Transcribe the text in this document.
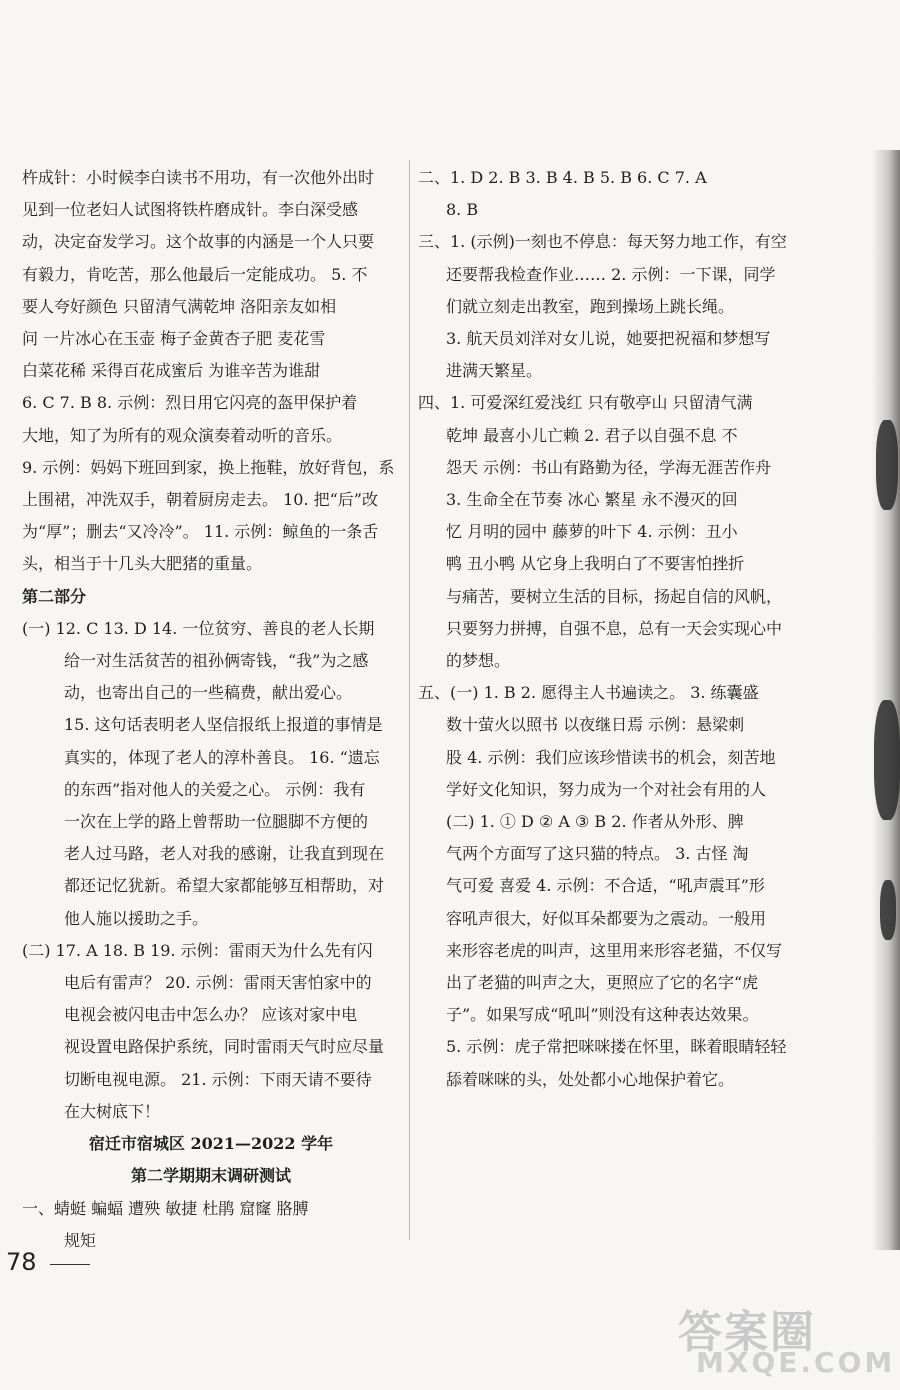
杵成针：小时候李白读书不用功，有一次他外出时
见到一位老妇人试图将铁杵磨成针。李白深受感
动，决定奋发学习。这个故事的内涵是一个人只要
有毅力，肯吃苦，那么他最后一定能成功。 5. 不
要人夸好颜色 只留清气满乾坤 洛阳亲友如相
问 一片冰心在玉壶 梅子金黄杏子肥 麦花雪
白菜花稀 采得百花成蜜后 为谁辛苦为谁甜
6. C 7. B 8. 示例：烈日用它闪亮的盔甲保护着
大地，知了为所有的观众演奏着动听的音乐。
9. 示例：妈妈下班回到家，换上拖鞋，放好背包，系
上围裙，冲洗双手，朝着厨房走去。 10. 把“后”改
为“厚”；删去“又冷冷”。 11. 示例：鲸鱼的一条舌
头，相当于十几头大肥猪的重量。
第二部分
(一) 12. C 13. D 14. 一位贫穷、善良的老人长期
给一对生活贫苦的祖孙俩寄钱，“我”为之感
动，也寄出自己的一些稿费，献出爱心。
15. 这句话表明老人坚信报纸上报道的事情是
真实的，体现了老人的淳朴善良。 16. “遗忘
的东西”指对他人的关爱之心。 示例：我有
一次在上学的路上曾帮助一位腿脚不方便的
老人过马路，老人对我的感谢，让我直到现在
都还记忆犹新。希望大家都能够互相帮助，对
他人施以援助之手。
(二) 17. A 18. B 19. 示例：雷雨天为什么先有闪
电后有雷声？ 20. 示例：雷雨天害怕家中的
电视会被闪电击中怎么办？ 应该对家中电
视设置电路保护系统，同时雷雨天气时应尽量
切断电视电源。 21. 示例：下雨天请不要待
在大树底下！
宿迁市宿城区 2021—2022 学年
第二学期期末调研测试
一、蜻蜓 蝙蝠 遭殃 敏捷 杜鹃 窟窿 胳膊
规矩
二、1. D 2. B 3. B 4. B 5. B 6. C 7. A
8. B
三、1. (示例)一刻也不停息：每天努力地工作，有空
还要帮我检查作业…… 2. 示例：一下课，同学
们就立刻走出教室，跑到操场上跳长绳。
3. 航天员刘洋对女儿说，她要把祝福和梦想写
进满天繁星。
四、1. 可爱深红爱浅红 只有敬亭山 只留清气满
乾坤 最喜小儿亡赖 2. 君子以自强不息 不
怨天 示例：书山有路勤为径，学海无涯苦作舟
3. 生命全在节奏 冰心 繁星 永不漫灭的回
忆 月明的园中 藤萝的叶下 4. 示例：丑小
鸭 丑小鸭 从它身上我明白了不要害怕挫折
与痛苦，要树立生活的目标，扬起自信的风帆，
只要努力拼搏，自强不息，总有一天会实现心中
的梦想。
五、(一) 1. B 2. 愿得主人书遍读之。 3. 练囊盛
数十萤火以照书 以夜继日焉 示例：悬梁刺
股 4. 示例：我们应该珍惜读书的机会，刻苦地
学好文化知识，努力成为一个对社会有用的人
(二) 1. ① D ② A ③ B 2. 作者从外形、脾
气两个方面写了这只猫的特点。 3. 古怪 淘
气可爱 喜爱 4. 示例：不合适，“吼声震耳”形
容吼声很大，好似耳朵都要为之震动。一般用
来形容老虎的叫声，这里用来形容老猫，不仅写
出了老猫的叫声之大，更照应了它的名字“虎
子”。如果写成“吼叫”则没有这种表达效果。
5. 示例：虎子常把咪咪搂在怀里，眯着眼睛轻轻
舔着咪咪的头，处处都小心地保护着它。
78
答案圈
MXQE.COM
